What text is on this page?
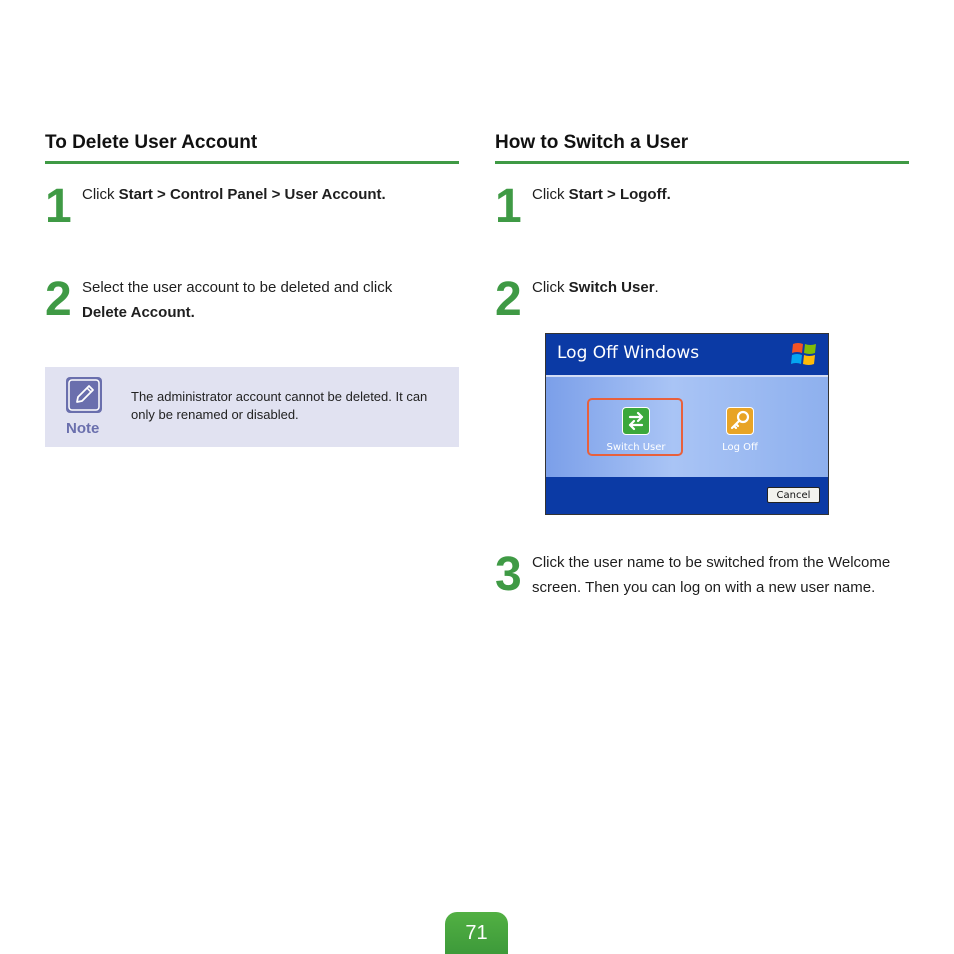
To Delete User Account
1 Click Start > Control Panel > User Account.
2 Select the user account to be deleted and click
Delete Account.
Note
The administrator account cannot be deleted. It can only be renamed or disabled.
How to Switch a User
1 Click Start > Logoff.
2 Click Switch User.
3 Click the user name to be switched from the Welcome screen. Then you can log on with a new user name.
Log Off Windows
Switch User	Log Off
Cancel
71
